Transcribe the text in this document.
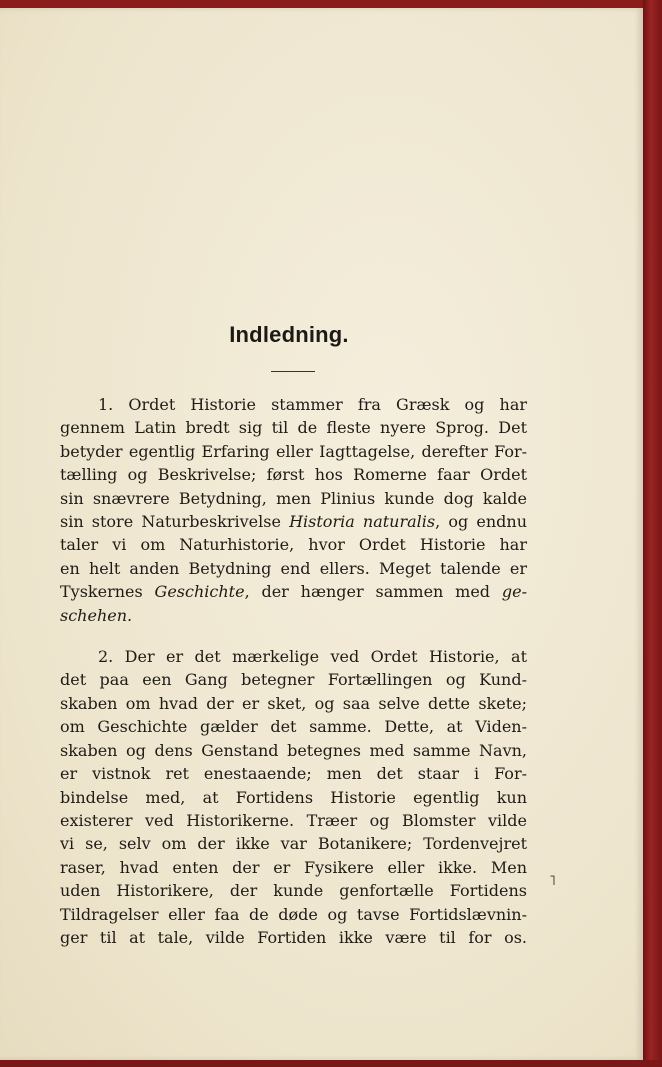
Indledning.

1. Ordet Historie stammer fra Græsk og har

gennem Latin bredt sig til de fleste nyere Sprog. Det

betyder egentlig Erfaring eller Iagttagelse, derefter For-

tælling og Beskrivelse; først hos Romerne faar Ordet

sin snævrere Betydning, men Plinius kunde dog kalde

sin store Naturbeskrivelse Historia naturalis, og endnu

taler vi om Naturhistorie, hvor Ordet Historie har

en helt anden Betydning end ellers. Meget talende er

Tyskernes Geschichte, der hænger sammen med ge-

schehen.

2. Der er det mærkelige ved Ordet Historie, at

det paa een Gang betegner Fortællingen og Kund-

skaben om hvad der er sket, og saa selve dette skete;

om Geschichte gælder det samme. Dette, at Viden-

skaben og dens Genstand betegnes med samme Navn,

er vistnok ret enestaaende; men det staar i For-

bindelse med, at Fortidens Historie egentlig kun

existerer ved Historikerne. Træer og Blomster vilde

vi se, selv om der ikke var Botanikere; Tordenvejret

raser, hvad enten der er Fysikere eller ikke. Men

uden Historikere, der kunde genfortælle Fortidens

Tildragelser eller faa de døde og tavse Fortidslævnin-

ger til at tale, vilde Fortiden ikke være til for os.

˥
